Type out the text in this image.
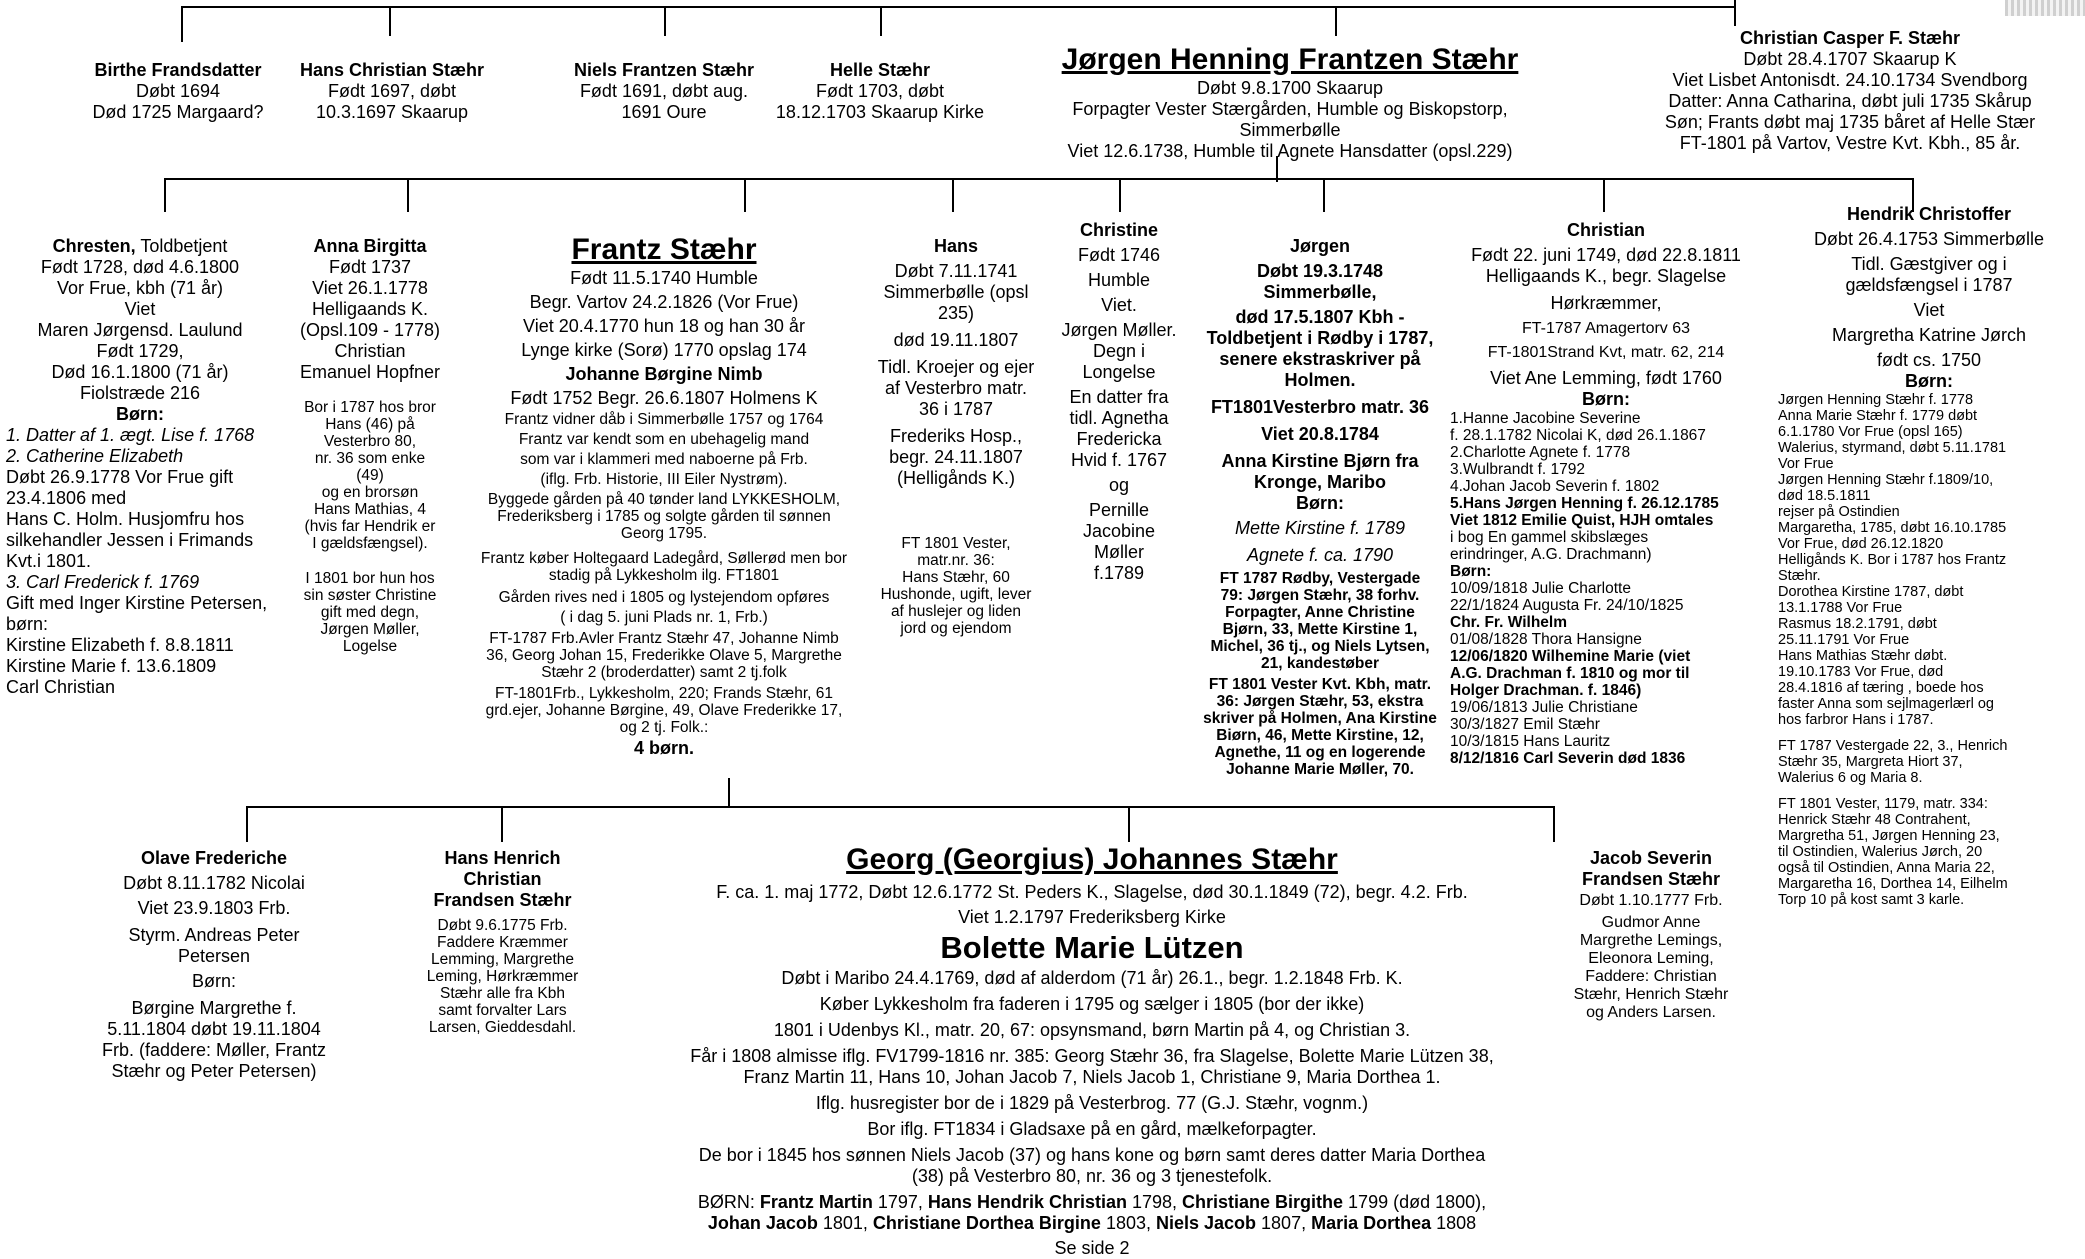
Birthe Frandsdatter

Døbt 1694

Død 1725 Margaard?

Hans Christian Stæhr

Født 1697, døbt

10.3.1697 Skaarup

Niels Frantzen Stæhr

Født 1691, døbt aug.

1691 Oure

Helle Stæhr

Født 1703, døbt

18.12.1703 Skaarup Kirke

Jørgen Henning Frantzen Stæhr

Døbt 9.8.1700 Skaarup

Forpagter Vester Stærgården, Humble og Biskopstorp,

Simmerbølle

Viet 12.6.1738, Humble til Agnete Hansdatter (opsl.229)

Christian Casper F. Stæhr

Døbt 28.4.1707 Skaarup K

Viet Lisbet Antonisdt. 24.10.1734 Svendborg

Datter: Anna Catharina, døbt juli 1735 Skårup

Søn; Frants døbt maj 1735 båret af Helle Stær

FT-1801 på Vartov, Vestre Kvt. Kbh., 85 år.

Chresten, Toldbetjent

Født 1728, død 4.6.1800

Vor Frue, kbh (71 år)

Viet

Maren Jørgensd. Laulund

Født 1729,

Død 16.1.1800 (71 år)

Fiolstræde 216

Børn:

1. Datter af 1. ægt. Lise f. 1768

2. Catherine Elizabeth

Døbt 26.9.1778 Vor Frue gift 23.4.1806 med

Hans C. Holm. Husjomfru hos silkehandler Jessen i Frimands Kvt.i 1801.

3. Carl Frederick f. 1769

Gift med Inger Kirstine Petersen, børn:

Kirstine Elizabeth f. 8.8.1811

Kirstine Marie f. 13.6.1809

Carl Christian

Anna Birgitta

Født 1737

Viet 26.1.1778

Helligaands K.

(Opsl.109 - 1778)

Christian

Emanuel Hopfner

Bor i 1787 hos bror

Hans (46) på

Vesterbro 80,

nr. 36 som enke

(49)

og en brorsøn

Hans Mathias, 4

(hvis far Hendrik er

I gældsfængsel).

I 1801 bor hun hos

sin søster Christine

gift med degn,

Jørgen Møller,

Logelse

Frantz Stæhr

Født 11.5.1740 Humble

Begr. Vartov 24.2.1826 (Vor Frue)

Viet 20.4.1770 hun 18 og han 30 år

Lynge kirke (Sorø) 1770 opslag 174

Johanne Børgine Nimb

Født 1752 Begr. 26.6.1807 Holmens K

Frantz vidner dåb i Simmerbølle 1757 og 1764

Frantz var kendt som en ubehagelig mand

som var i klammeri med naboerne på Frb.

(iflg. Frb. Historie, III Eiler Nystrøm).

Byggede gården på 40 tønder land LYKKESHOLM,

Frederiksberg i 1785 og solgte gården til sønnen

Georg 1795.

Frantz køber Holtegaard Ladegård, Søllerød men bor

stadig på Lykkesholm ilg. FT1801

Gården rives ned i 1805 og lystejendom opføres

( i dag 5. juni Plads nr. 1, Frb.)

FT-1787 Frb.Avler Frantz Stæhr 47, Johanne Nimb

36, Georg Johan 15, Frederikke Olave 5, Margrethe

Stæhr 2 (broderdatter) samt 2 tj.folk

FT-1801Frb., Lykkesholm, 220; Frands Stæhr, 61

grd.ejer, Johanne Børgine, 49, Olave Frederikke 17,

og 2 tj. Folk.:

4 børn.

Hans

Døbt 7.11.1741

Simmerbølle (opsl

235)

død 19.11.1807

Tidl. Kroejer og ejer

af Vesterbro matr.

36 i 1787

Frederiks Hosp.,

begr. 24.11.1807

(Helligånds K.)

FT 1801 Vester,

matr.nr. 36:

Hans Stæhr, 60

Hushonde, ugift, lever

af huslejer og liden

jord og ejendom

Christine

Født 1746

Humble

Viet.

Jørgen Møller.

Degn i

Longelse

En datter fra

tidl. Agnetha

Fredericka

Hvid f. 1767

og

Pernille

Jacobine

Møller

f.1789

Jørgen

Døbt 19.3.1748

Simmerbølle,

død 17.5.1807 Kbh -

Toldbetjent i Rødby i 1787,

senere ekstraskriver på

Holmen.

FT1801Vesterbro matr. 36

Viet 20.8.1784

Anna Kirstine Bjørn fra

Kronge, Maribo

Børn:

Mette Kirstine f. 1789

Agnete f. ca. 1790

FT 1787 Rødby, Vestergade

79: Jørgen Stæhr, 38 forhv.

Forpagter, Anne Christine

Bjørn, 33, Mette Kirstine 1,

Michel, 36 tj., og Niels Lytsen,

21, kandestøber

FT 1801 Vester Kvt. Kbh, matr.

36: Jørgen Stæhr, 53, ekstra

skriver på Holmen, Ana Kirstine

Biørn, 46, Mette Kirstine, 12,

Agnethe, 11 og en logerende

Johanne Marie Møller, 70.

Christian

Født 22. juni 1749, død 22.8.1811

Helligaands K., begr. Slagelse

Hørkræmmer,

FT-1787 Amagertorv 63

FT-1801Strand Kvt, matr. 62, 214

Viet Ane Lemming, født 1760

Børn:

1.Hanne Jacobine Severine

f. 28.1.1782 Nicolai K, død 26.1.1867

2.Charlotte Agnete f. 1778

3.Wulbrandt f. 1792

4.Johan Jacob Severin f. 1802

5.Hans Jørgen Henning f. 26.12.1785

Viet 1812 Emilie Quist, HJH omtales

i bog En gammel skibslæges

erindringer, A.G. Drachmann)

Børn:

10/09/1818 Julie Charlotte

22/1/1824 Augusta Fr. 24/10/1825

Chr. Fr. Wilhelm

01/08/1828 Thora Hansigne

12/06/1820 Wilhemine Marie (viet

A.G. Drachman f. 1810 og mor til

Holger Drachman. f. 1846)

19/06/1813 Julie Christiane

30/3/1827 Emil Stæhr

10/3/1815 Hans Lauritz

8/12/1816 Carl Severin død 1836

Hendrik Christoffer

Døbt 26.4.1753 Simmerbølle

Tidl. Gæstgiver og i

gældsfængsel i 1787

Viet

Margretha Katrine Jørch

født cs. 1750

Børn:

Jørgen Henning Stæhr f. 1778

Anna Marie Stæhr f. 1779 døbt

6.1.1780 Vor Frue (opsl 165)

Walerius, styrmand, døbt 5.11.1781

Vor Frue

Jørgen Henning Stæhr f.1809/10,

død 18.5.1811

rejser på Ostindien

Margaretha, 1785, døbt 16.10.1785

Vor Frue, død 26.12.1820

Helligånds K. Bor i 1787 hos Frantz

Stæhr.

Dorothea Kirstine 1787, døbt

13.1.1788 Vor Frue

Rasmus 18.2.1791, døbt

25.11.1791 Vor Frue

Hans Mathias Stæhr døbt.

19.10.1783 Vor Frue, død

28.4.1816 af tæring , boede hos

faster Anna som sejlmagerlærl og

hos farbror Hans i 1787.

FT 1787 Vestergade 22, 3., Henrich

Stæhr 35, Margreta Hiort 37,

Walerius 6 og Maria 8.

FT 1801 Vester, 1179, matr. 334:

Henrick Stæhr 48 Contrahent,

Margretha 51, Jørgen Henning 23,

til Ostindien, Walerius Jørch, 20

også til Ostindien, Anna Maria 22,

Margaretha 16, Dorthea 14, Eilhelm

Torp 10 på kost samt 3 karle.

Olave Frederiche

Døbt 8.11.1782 Nicolai

Viet 23.9.1803 Frb.

Styrm. Andreas Peter

Petersen

Børn:

Børgine Margrethe f.

5.11.1804 døbt 19.11.1804

Frb. (faddere: Møller, Frantz

Stæhr og Peter Petersen)

Hans Henrich

Christian

Frandsen Stæhr

Døbt 9.6.1775 Frb.

Faddere Kræmmer

Lemming, Margrethe

Leming, Hørkræmmer

Stæhr alle fra Kbh

samt forvalter Lars

Larsen, Gieddesdahl.

Georg (Georgius) Johannes Stæhr

F. ca. 1. maj 1772, Døbt 12.6.1772 St. Peders K., Slagelse, død 30.1.1849 (72), begr. 4.2. Frb.

Viet 1.2.1797 Frederiksberg Kirke

Bolette Marie Lützen

Døbt i Maribo 24.4.1769, død af alderdom (71 år) 26.1., begr. 1.2.1848 Frb. K.

Køber Lykkesholm fra faderen i 1795 og sælger i 1805 (bor der ikke)

1801 i Udenbys Kl., matr. 20, 67: opsynsmand, børn Martin på 4, og Christian 3.

Får i 1808 almisse iflg. FV1799-1816 nr. 385: Georg Stæhr 36, fra Slagelse, Bolette Marie Lützen 38,

Franz Martin 11, Hans 10, Johan Jacob 7, Niels Jacob 1, Christiane 9, Maria Dorthea 1.

Iflg. husregister bor de i 1829 på Vesterbrog. 77 (G.J. Stæhr, vognm.)

Bor iflg. FT1834 i Gladsaxe på en gård, mælkeforpagter.

De bor i 1845 hos sønnen Niels Jacob (37) og hans kone og børn samt deres datter Maria Dorthea

(38) på Vesterbro 80, nr. 36 og 3 tjenestefolk.

BØRN: Frantz Martin 1797, Hans Hendrik Christian 1798, Christiane Birgithe 1799 (død 1800),

Johan Jacob 1801, Christiane Dorthea Birgine 1803, Niels Jacob 1807, Maria Dorthea 1808

Se side 2

Jacob Severin

Frandsen Stæhr

Døbt 1.10.1777 Frb.

Gudmor Anne

Margrethe Lemings,

Eleonora Leming,

Faddere: Christian

Stæhr, Henrich Stæhr

og Anders Larsen.
